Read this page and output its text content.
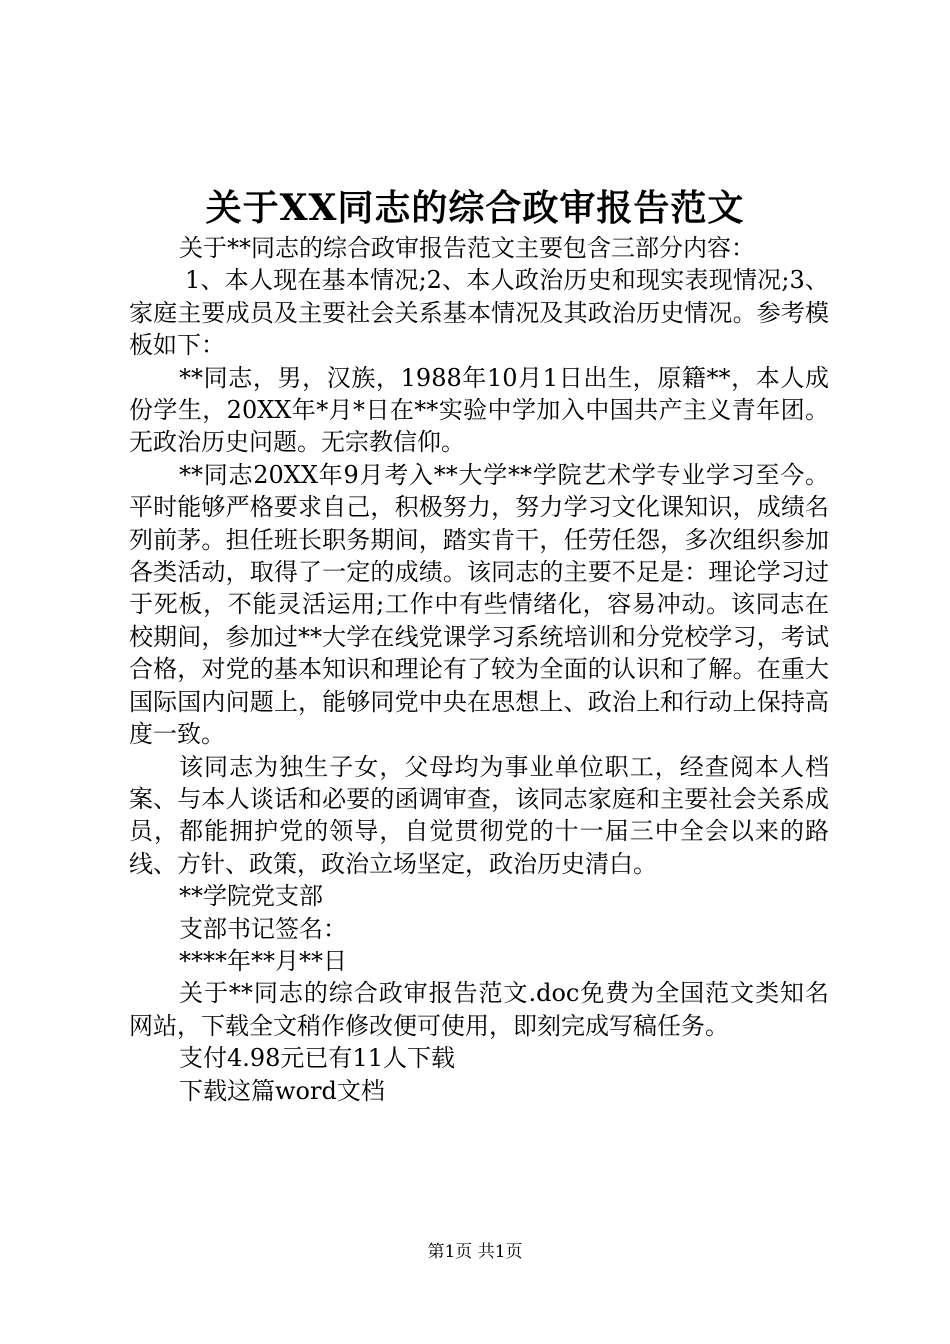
关于XX同志的综合政审报告范文

关于**同志的综合政审报告范文主要包含三部分内容：

1、本人现在基本情况;2、本人政治历史和现实表现情况;3、家庭主要成员及主要社会关系基本情况及其政治历史情况。参考模板如下：

**同志，男，汉族，1988年10月1日出生，原籍**，本人成份学生，20XX年*月*日在**实验中学加入中国共产主义青年团。无政治历史问题。无宗教信仰。

**同志20XX年9月考入**大学**学院艺术学专业学习至今。平时能够严格要求自己，积极努力，努力学习文化课知识，成绩名列前茅。担任班长职务期间，踏实肯干，任劳任怨，多次组织参加各类活动，取得了一定的成绩。该同志的主要不足是：理论学习过于死板，不能灵活运用;工作中有些情绪化，容易冲动。该同志在校期间，参加过**大学在线党课学习系统培训和分党校学习，考试合格，对党的基本知识和理论有了较为全面的认识和了解。在重大国际国内问题上，能够同党中央在思想上、政治上和行动上保持高度一致。

该同志为独生子女，父母均为事业单位职工，经查阅本人档案、与本人谈话和必要的函调审查，该同志家庭和主要社会关系成员，都能拥护党的领导，自觉贯彻党的十一届三中全会以来的路线、方针、政策，政治立场坚定，政治历史清白。

**学院党支部

支部书记签名：

****年**月**日

关于**同志的综合政审报告范文.doc免费为全国范文类知名网站，下载全文稍作修改便可使用，即刻完成写稿任务。

支付4.98元已有11人下载

下载这篇word文档

第1页 共1页
